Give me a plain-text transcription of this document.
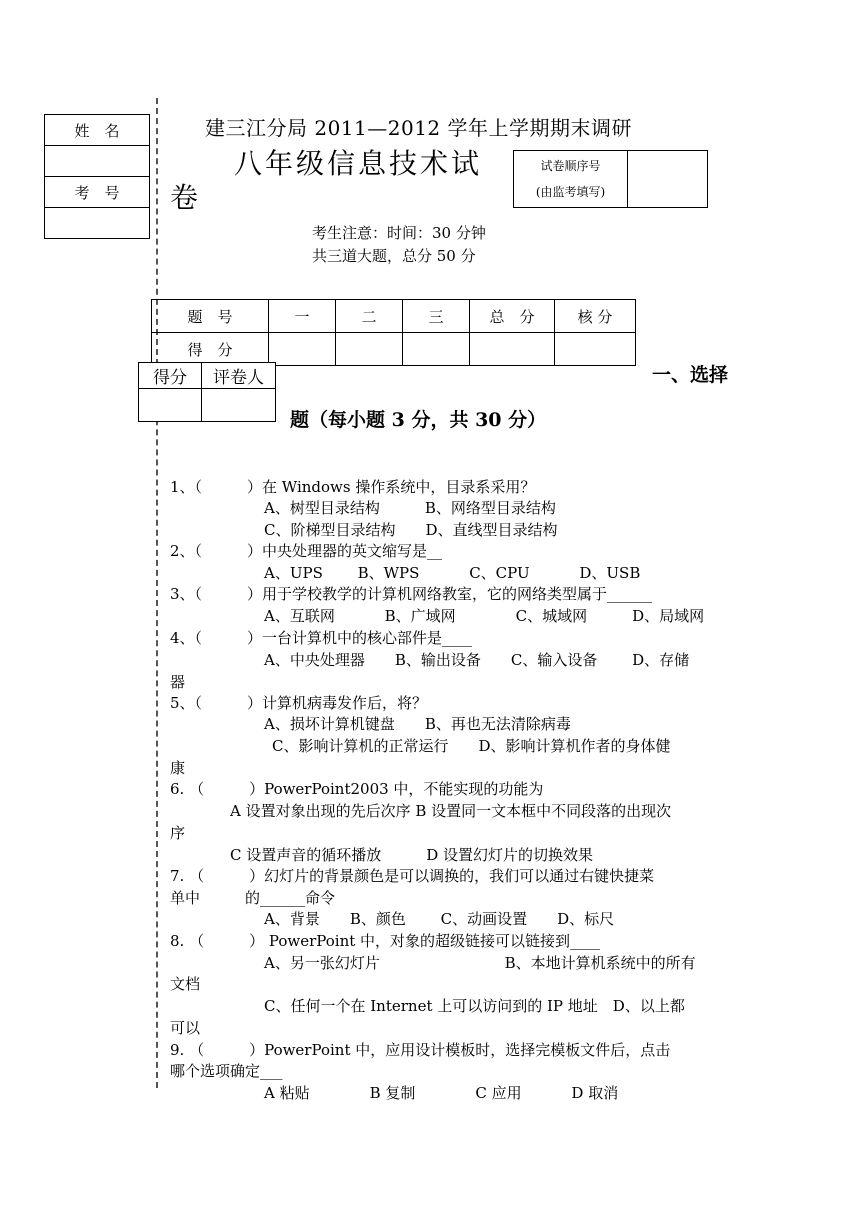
姓　名

考　号

建三江分局 2011—2012 学年上学期期末调研
八年级信息技术试
卷
试卷顺序号
(由监考填写)

考生注意：时间：30 分钟
共三道大题，总分 50 分
题　号	一	二	三	总　分	核 分
得　分					
得分	评卷人
		一、选择
题（每小题 3 分，共 30 分）
1、（　　　）在 Windows 操作系统中，目录系采用？
A、树型目录结构　　　B、网络型目录结构
C、阶梯型目录结构　　D、直线型目录结构
2、（　　　）中央处理器的英文缩写是__
A、UPS　　 B、WPS　　　 C、CPU　　　 D、USB
3、（　　　）用于学校教学的计算机网络教室，它的网络类型属于______
A、互联网　　　 B、广域网　　　　C、城域网　　　D、局域网
4、（　　　）一台计算机中的核心部件是____
A、中央处理器　　B、输出设备　　C、输入设备　　 D、存储
器
5、（　　　）计算机病毒发作后，将？
A、损坏计算机键盘　　B、再也无法清除病毒
C、影响计算机的正常运行　　D、影响计算机作者的身体健
康
6. （　　　）PowerPoint2003 中，不能实现的功能为
A 设置对象出现的先后次序 B 设置同一文本框中不同段落的出现次
序
C 设置声音的循环播放　　　D 设置幻灯片的切换效果
7. （　　　）幻灯片的背景颜色是可以调换的，我们可以通过右键快捷菜
单中　　　的______命令
A、背景　　B、颜色　　 C、动画设置　　D、标尺
8. （　　　） PowerPoint 中，对象的超级链接可以链接到____
A、另一张幻灯片　　　　　　　　 B、本地计算机系统中的所有
文档
C、任何一个在 Internet 上可以访问到的 IP 地址　D、以上都
可以
9. （　　　）PowerPoint 中，应用设计模板时，选择完模板文件后，点击
哪个选项确定___
A 粘贴　　　　B 复制　　　　C 应用　　　 D 取消
